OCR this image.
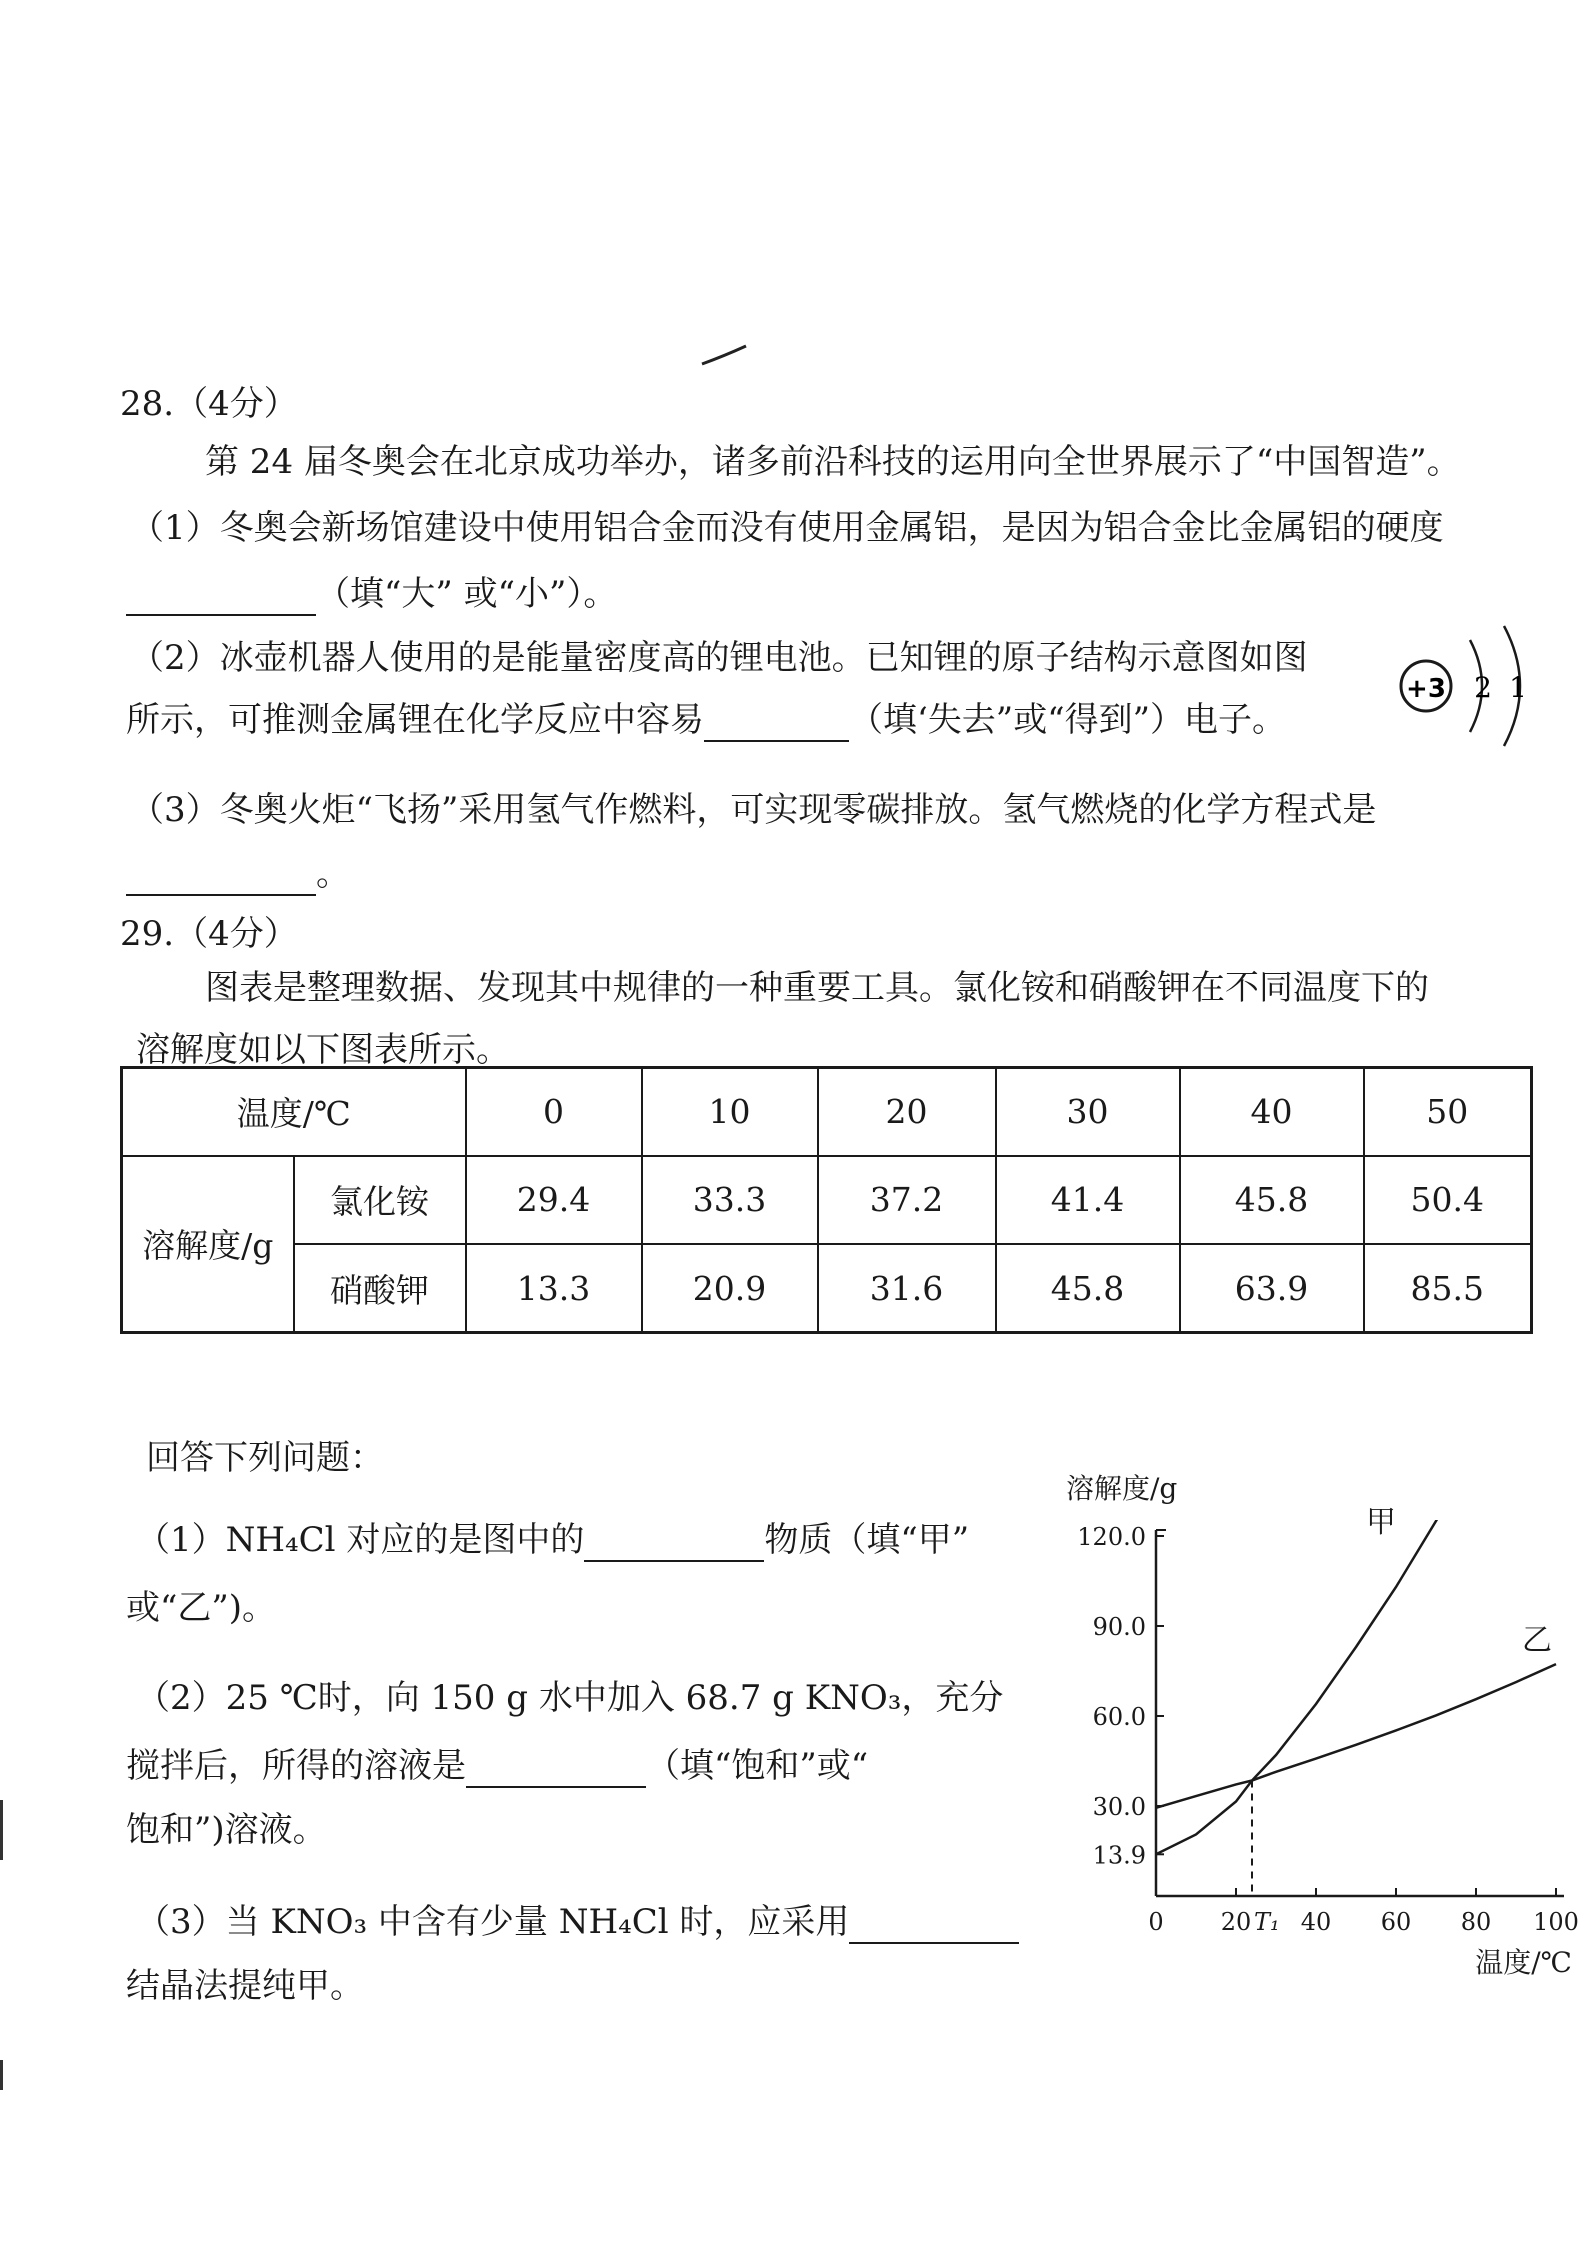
28.（4分）
第 24 届冬奥会在北京成功举办，诸多前沿科技的运用向全世界展示了“中国智造”。
（1）冬奥会新场馆建设中使用铝合金而没有使用金属铝，是因为铝合金比金属铝的硬度
（填“大” 或“小”）。
（2）冰壶机器人使用的是能量密度高的锂电池。已知锂的原子结构示意图如图
所示，可推测金属锂在化学反应中容易	（填‘失去”或“得到”）电子。
+3 2 1
（3）冬奥火炬“飞扬”采用氢气作燃料，可实现零碳排放。氢气燃烧的化学方程式是
。
29.（4分）
图表是整理数据、发现其中规律的一种重要工具。氯化铵和硝酸钾在不同温度下的
溶解度如以下图表所示。
温度/℃		0	10	20	30	40	50
溶解度/g	氯化铵	29.4	33.3	37.2	41.4	45.8	50.4
	硝酸钾	13.3	20.9	31.6	45.8	63.9	85.5
回答下列问题：
（1）NH₄Cl 对应的是图中的	物质（填“甲”
或“乙”)。
（2）25 ℃时，向 150 g 水中加入 68.7 g KNO₃，充分
搅拌后，所得的溶液是	（填“饱和”或“
饱和”)溶液。
（3）当 KNO₃ 中含有少量 NH₄Cl 时，应采用
结晶法提纯甲。
溶解度/g
温度/℃
13.9
30.0
60.0
90.0
120.0
0 20 40 60 80 100
T₁
甲
乙
